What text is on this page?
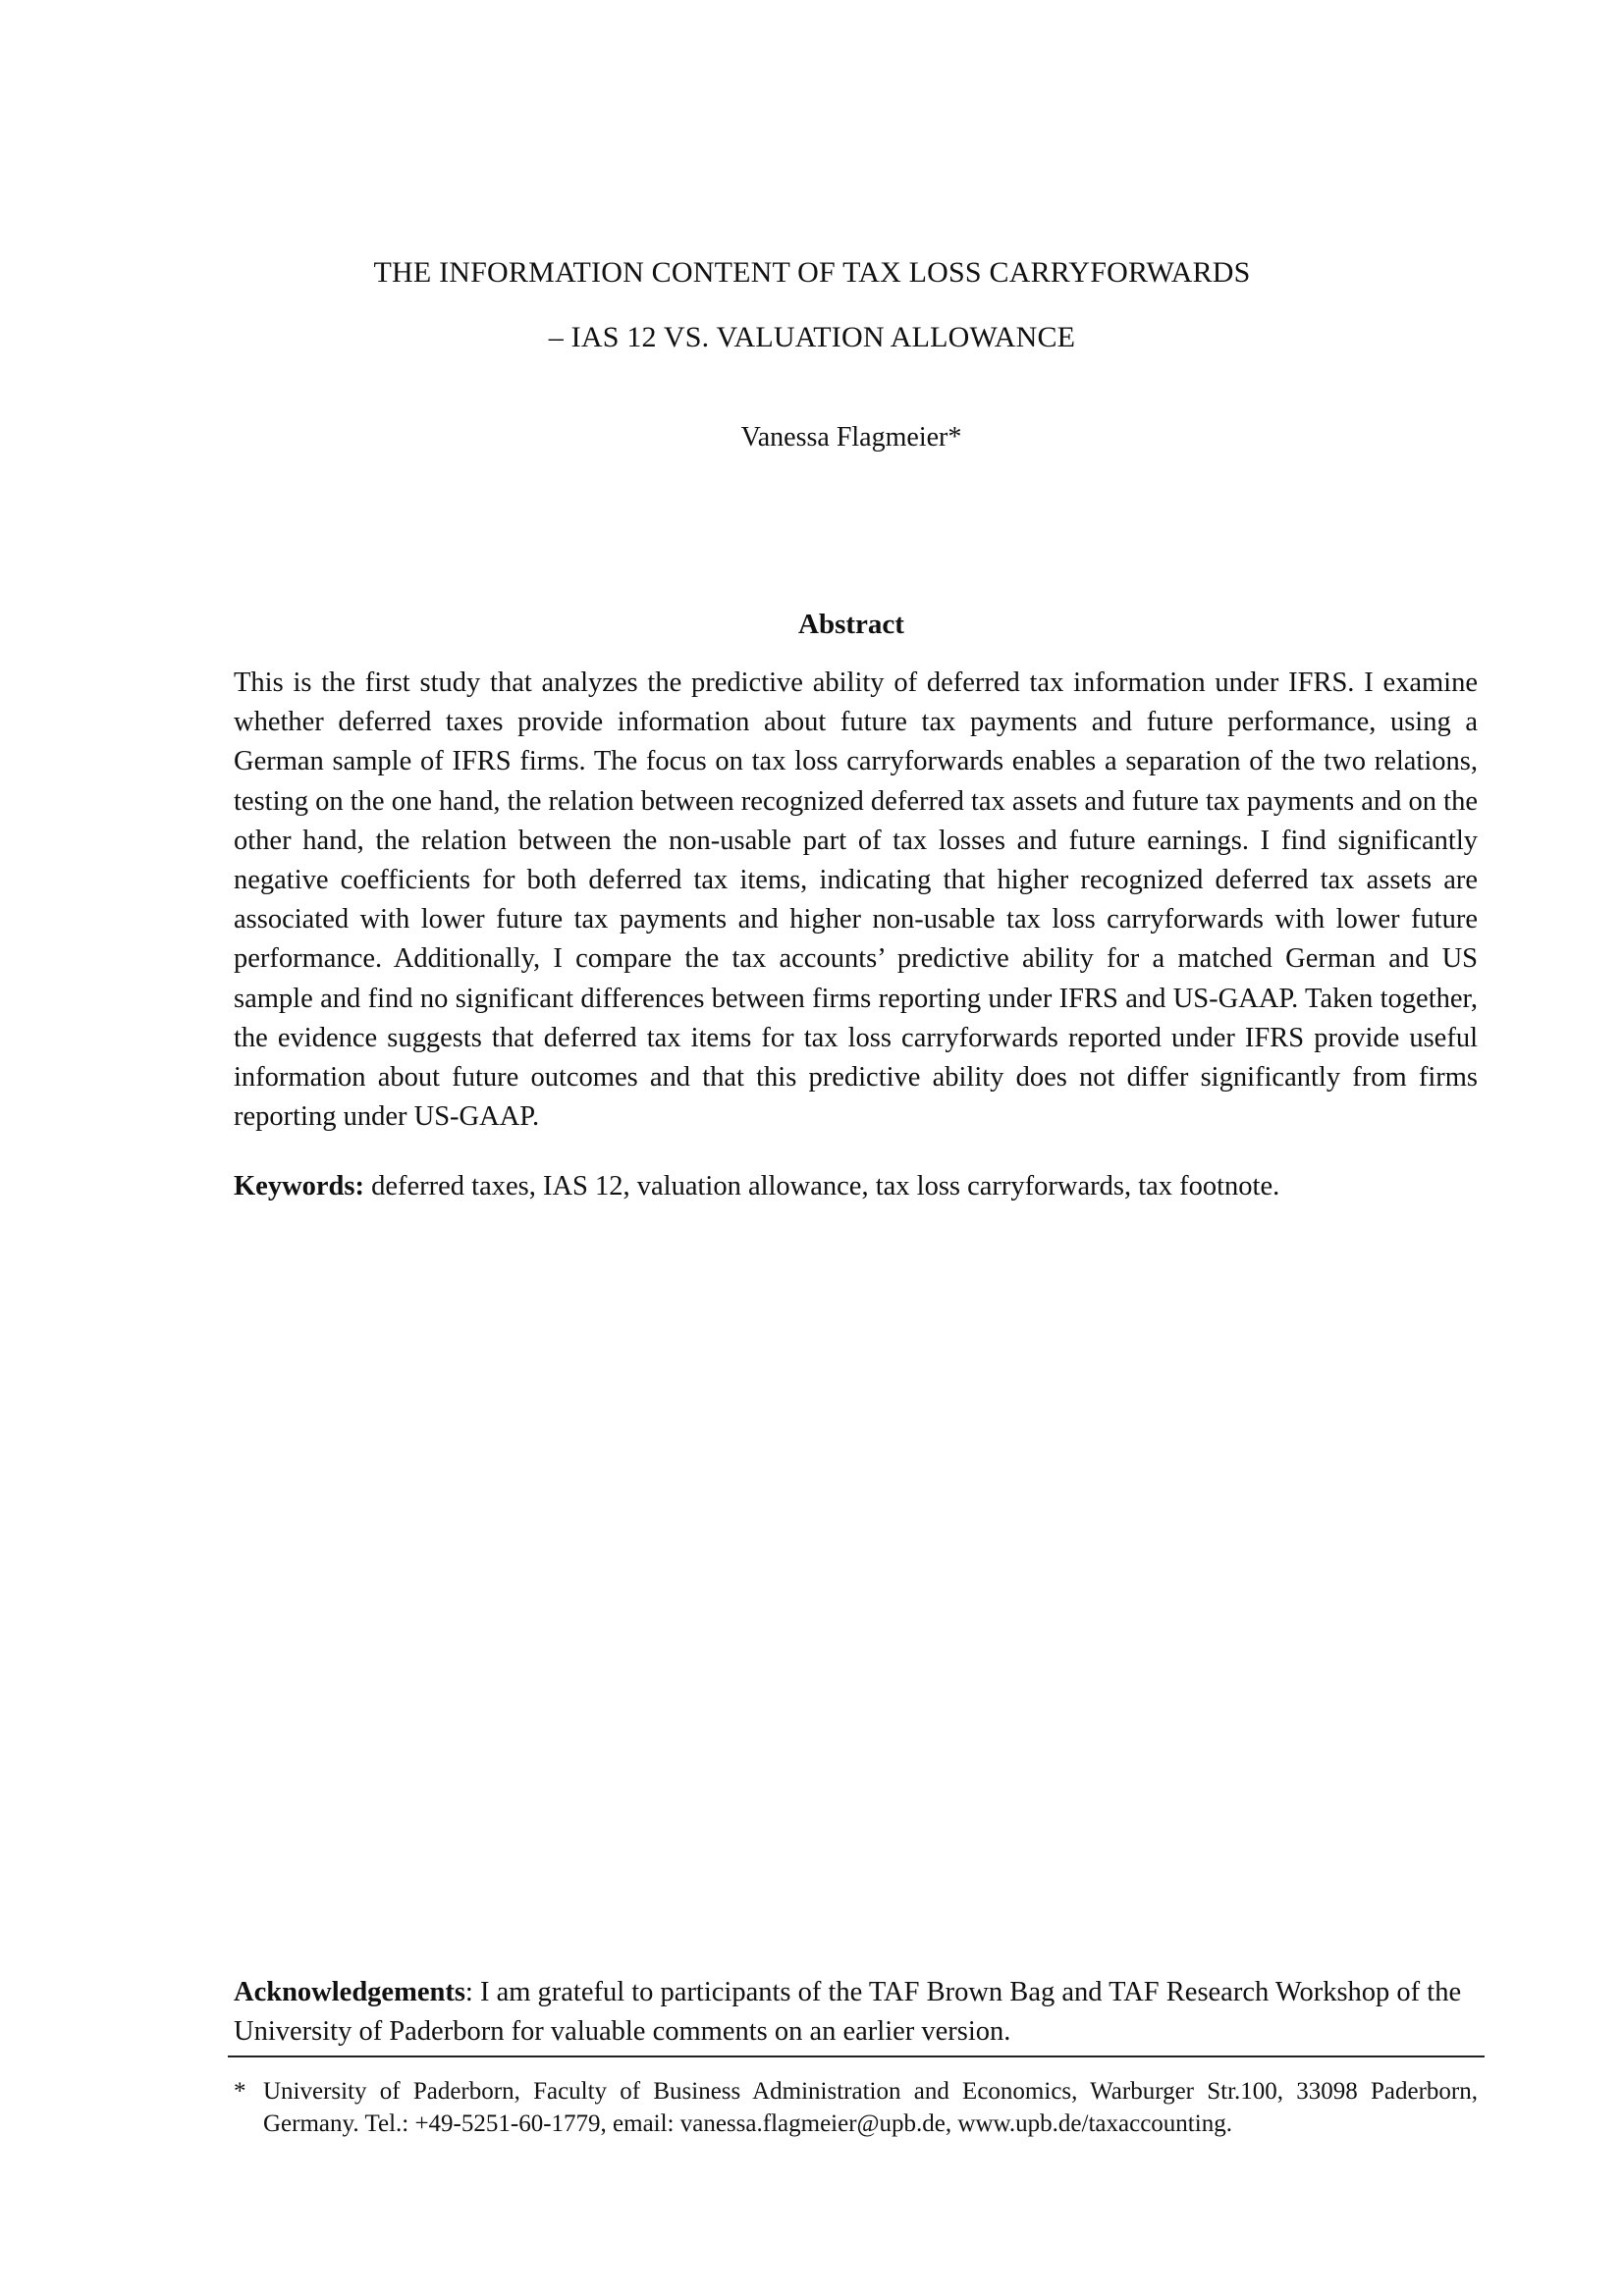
THE INFORMATION CONTENT OF TAX LOSS CARRYFORWARDS
– IAS 12 VS. VALUATION ALLOWANCE
Vanessa Flagmeier*
Abstract

This is the first study that analyzes the predictive ability of deferred tax information under IFRS. I examine whether deferred taxes provide information about future tax payments and future performance, using a German sample of IFRS firms. The focus on tax loss carryforwards enables a separation of the two relations, testing on the one hand, the relation between recognized deferred tax assets and future tax payments and on the other hand, the relation between the non-usable part of tax losses and future earnings. I find significantly negative coefficients for both deferred tax items, indicating that higher recognized deferred tax assets are associated with lower future tax payments and higher non-usable tax loss carryforwards with lower future performance. Additionally, I compare the tax accounts’ predictive ability for a matched German and US sample and find no significant differences between firms reporting under IFRS and US-GAAP. Taken together, the evidence suggests that deferred tax items for tax loss carryforwards reported under IFRS provide useful information about future outcomes and that this predictive ability does not differ significantly from firms reporting under US-GAAP.

Keywords: deferred taxes, IAS 12, valuation allowance, tax loss carryforwards, tax footnote.

Acknowledgements: I am grateful to participants of the TAF Brown Bag and TAF Research Workshop of the University of Paderborn for valuable comments on an earlier version.

* University of Paderborn, Faculty of Business Administration and Economics, Warburger Str.100, 33098 Paderborn, Germany. Tel.: +49-5251-60-1779, email: vanessa.flagmeier@upb.de, www.upb.de/taxaccounting.
